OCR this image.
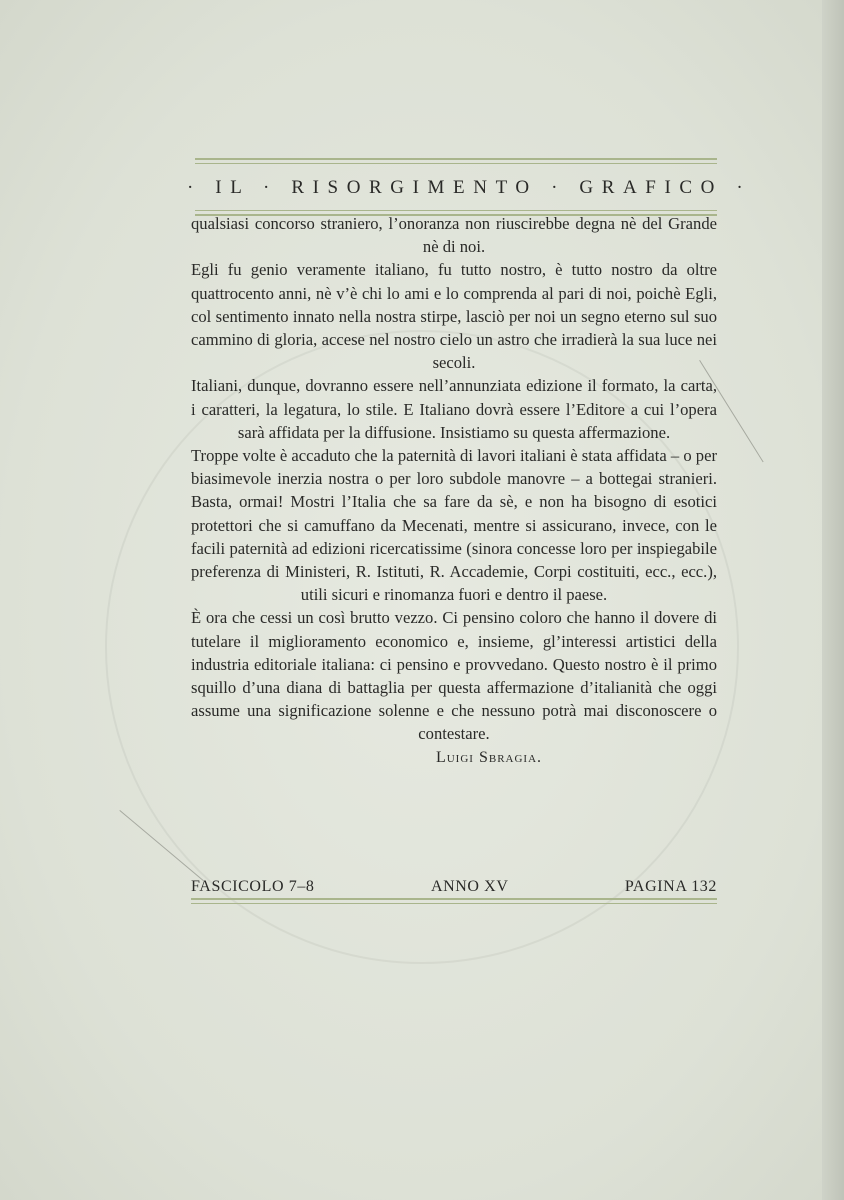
· IL · RISORGIMENTO · GRAFICO ·

qualsiasi concorso straniero, l’onoranza non riuscirebbe degna nè del Grande nè di noi.

Egli fu genio veramente italiano, fu tutto nostro, è tutto nostro da oltre quattrocento anni, nè v’è chi lo ami e lo comprenda al pari di noi, poichè Egli, col sentimento innato nella nostra stirpe, lasciò per noi un segno eterno sul suo cammino di gloria, accese nel nostro cielo un astro che irradierà la sua luce nei secoli.

Italiani, dunque, dovranno essere nell’annunziata edizione il formato, la carta, i caratteri, la legatura, lo stile. E Italiano dovrà essere l’Editore a cui l’opera sarà affidata per la diffusione. Insistiamo su questa affermazione.

Troppe volte è accaduto che la paternità di lavori italiani è stata affidata – o per biasimevole inerzia nostra o per loro subdole manovre – a bottegai stranieri. Basta, ormai! Mostri l’Italia che sa fare da sè, e non ha bisogno di esotici protettori che si camuffano da Mecenati, mentre si assicurano, invece, con le facili paternità ad edizioni ricercatissime (sinora concesse loro per inspiegabile preferenza di Ministeri, R. Istituti, R. Accademie, Corpi costituiti, ecc., ecc.), utili sicuri e rinomanza fuori e dentro il paese.

È ora che cessi un così brutto vezzo. Ci pensino coloro che hanno il dovere di tutelare il miglioramento economico e, insieme, gl’interessi artistici della industria editoriale italiana: ci pensino e provvedano. Questo nostro è il primo squillo d’una diana di battaglia per questa affermazione d’italianità che oggi assume una significazione solenne e che nessuno potrà mai disconoscere o contestare.

Luigi Sbragia.
FASCICOLO 7–8	ANNO XV	PAGINA 132
